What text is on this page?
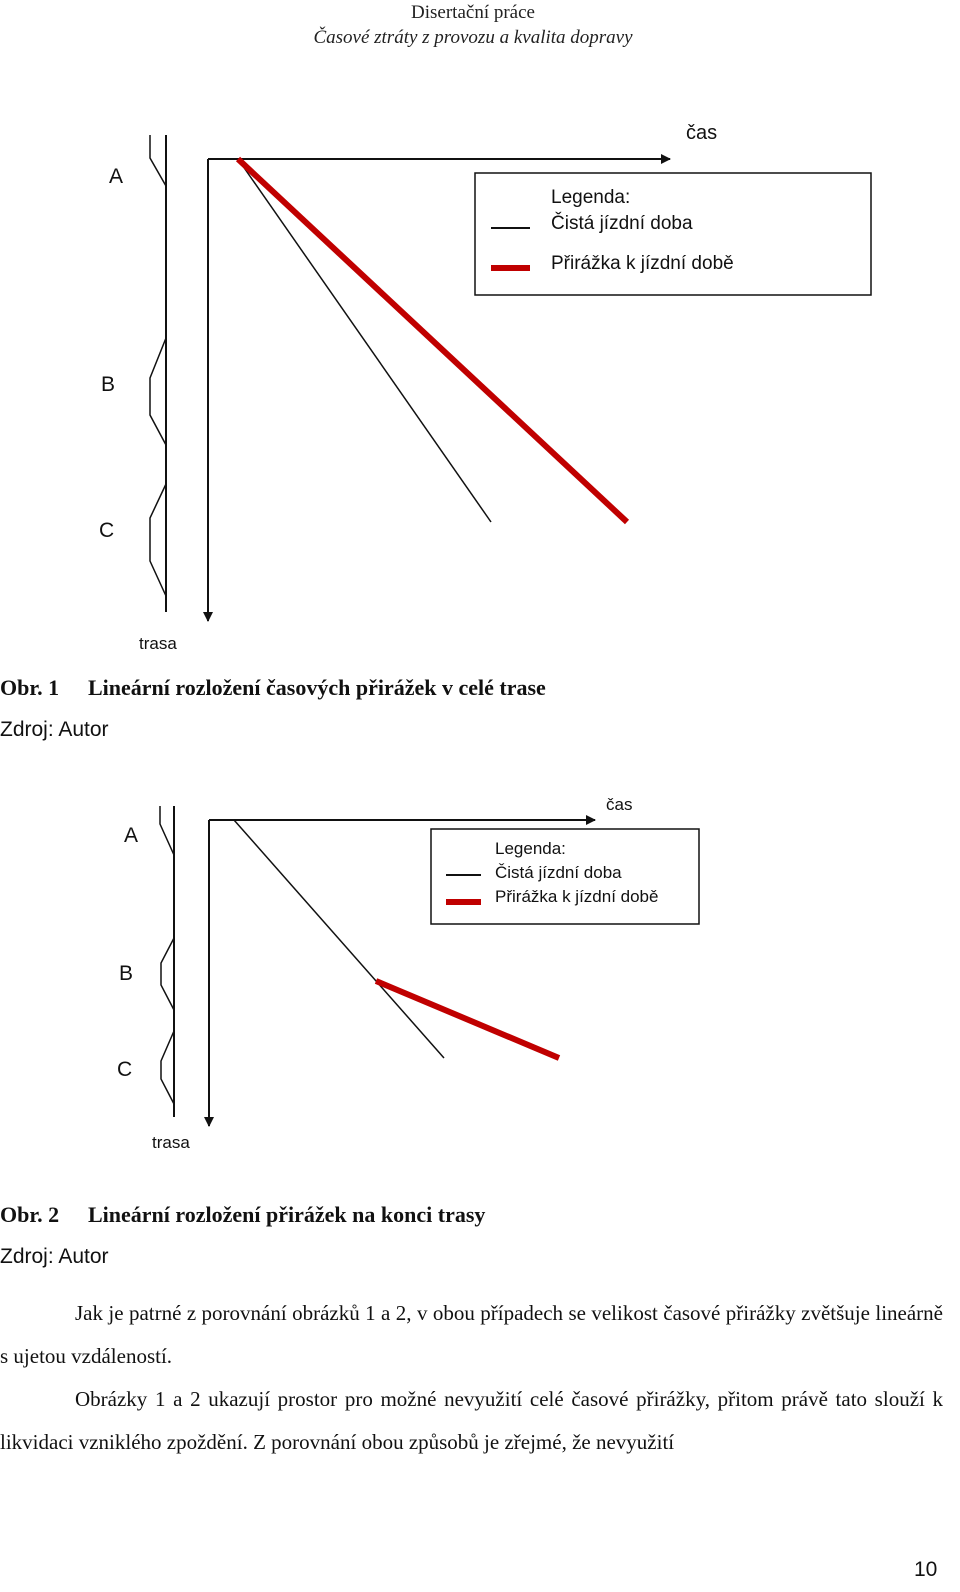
Disertační práce
Časové ztráty z provozu a kvalita dopravy
čas
A
B
C
trasa
Legenda:
Čistá jízdní doba
Přirážka k jízdní době
Obr. 1 Lineární rozložení časových přirážek v celé trase
Zdroj: Autor
čas
A
B
C
trasa
Legenda:
Čistá jízdní doba
Přirážka k jízdní době
Obr. 2 Lineární rozložení přirážek na konci trasy
Zdroj: Autor

Jak je patrné z porovnání obrázků 1 a 2, v obou případech se velikost časové přirážky zvětšuje lineárně s ujetou vzdáleností.

Obrázky 1 a 2 ukazují prostor pro možné nevyužití celé časové přirážky, přitom právě tato slouží k likvidaci vzniklého zpoždění. Z porovnání obou způsobů je zřejmé, že nevyužití

10
